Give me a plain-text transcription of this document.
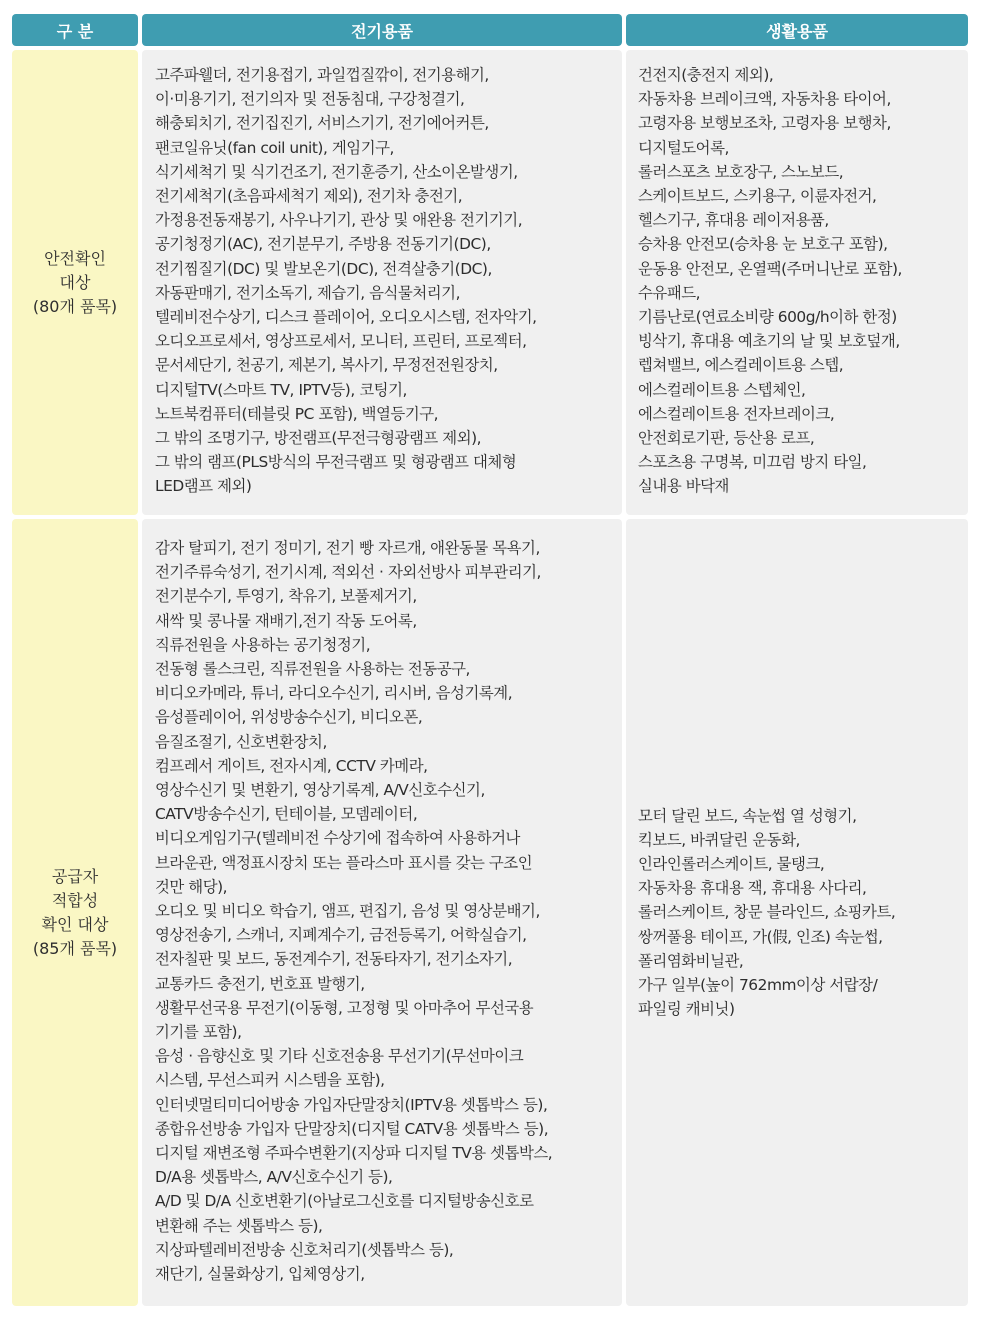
구 분	전기용품	생활용품
안전확인
대상
(80개 품목)
고주파웰더, 전기용접기, 과일껍질깎이, 전기용해기,
이·미용기기, 전기의자 및 전동침대, 구강청결기,
해충퇴치기, 전기집진기, 서비스기기, 전기에어커튼,
팬코일유닛(fan coil unit), 게임기구,
식기세척기 및 식기건조기, 전기훈증기, 산소이온발생기,
전기세척기(초음파세척기 제외), 전기차 충전기,
가정용전동재봉기, 사우나기기, 관상 및 애완용 전기기기,
공기청정기(AC), 전기분무기, 주방용 전동기기(DC),
전기찜질기(DC) 및 발보온기(DC), 전격살충기(DC),
자동판매기, 전기소독기, 제습기, 음식물처리기,
텔레비전수상기, 디스크 플레이어, 오디오시스템, 전자악기,
오디오프로세서, 영상프로세서, 모니터, 프린터, 프로젝터,
문서세단기, 천공기, 제본기, 복사기, 무정전전원장치,
디지털TV(스마트 TV, IPTV등), 코팅기,
노트북컴퓨터(테블릿 PC 포함), 백열등기구,
그 밖의 조명기구, 방전램프(무전극형광램프 제외),
그 밖의 램프(PLS방식의 무전극램프 및 형광램프 대체형
LED램프 제외)
건전지(충전지 제외),
자동차용 브레이크액, 자동차용 타이어,
고령자용 보행보조차, 고령자용 보행차,
디지털도어록,
롤러스포츠 보호장구, 스노보드,
스케이트보드, 스키용구, 이륜자전거,
헬스기구, 휴대용 레이저용품,
승차용 안전모(승차용 눈 보호구 포함),
운동용 안전모, 온열팩(주머니난로 포함),
수유패드,
기름난로(연료소비량 600g/h이하 한정)
빙삭기, 휴대용 예초기의 날 및 보호덮개,
렙쳐밸브, 에스컬레이트용 스텝,
에스컬레이트용 스텝체인,
에스컬레이트용 전자브레이크,
안전회로기판, 등산용 로프,
스포츠용 구명복, 미끄럼 방지 타일,
실내용 바닥재
공급자
적합성
확인 대상
(85개 품목)
감자 탈피기, 전기 정미기, 전기 빵 자르개, 애완동물 목욕기,
전기주류숙성기, 전기시계, 적외선 · 자외선방사 피부관리기,
전기분수기, 투영기, 착유기, 보풀제거기,
새싹 및 콩나물 재배기,전기 작동 도어록,
직류전원을 사용하는 공기청정기,
전동형 롤스크린, 직류전원을 사용하는 전동공구,
비디오카메라, 튜너, 라디오수신기, 리시버, 음성기록계,
음성플레이어, 위성방송수신기, 비디오폰,
음질조절기, 신호변환장치,
컴프레서 게이트, 전자시계, CCTV 카메라,
영상수신기 및 변환기, 영상기록계, A/V신호수신기,
CATV방송수신기, 턴테이블, 모뎀레이터,
비디오게임기구(텔레비전 수상기에 접속하여 사용하거나
브라운관, 액정표시장치 또는 플라스마 표시를 갖는 구조인
것만 해당),
오디오 및 비디오 학습기, 앰프, 편집기, 음성 및 영상분배기,
영상전송기, 스캐너, 지폐계수기, 금전등록기, 어학실습기,
전자칠판 및 보드, 동전계수기, 전동타자기, 전기소자기,
교통카드 충전기, 번호표 발행기,
생활무선국용 무전기(이동형, 고정형 및 아마추어 무선국용
기기를 포함),
음성 · 음향신호 및 기타 신호전송용 무선기기(무선마이크
시스템, 무선스피커 시스템을 포함),
인터넷멀티미디어방송 가입자단말장치(IPTV용 셋톱박스 등),
종합유선방송 가입자 단말장치(디지털 CATV용 셋톱박스 등),
디지털 재변조형 주파수변환기(지상파 디지털 TV용 셋톱박스,
D/A용 셋톱박스, A/V신호수신기 등),
A/D 및 D/A 신호변환기(아날로그신호를 디지털방송신호로
변환해 주는 셋톱박스 등),
지상파텔레비전방송 신호처리기(셋톱박스 등),
재단기, 실물화상기, 입체영상기,
모터 달린 보드, 속눈썹 열 성형기,
킥보드, 바퀴달린 운동화,
인라인롤러스케이트, 물탱크,
자동차용 휴대용 잭, 휴대용 사다리,
롤러스케이트, 창문 블라인드, 쇼핑카트,
쌍꺼풀용 테이프, 가(假, 인조) 속눈썹,
폴리염화비닐관,
가구 일부(높이 762mm이상 서랍장/
파일링 캐비닛)
